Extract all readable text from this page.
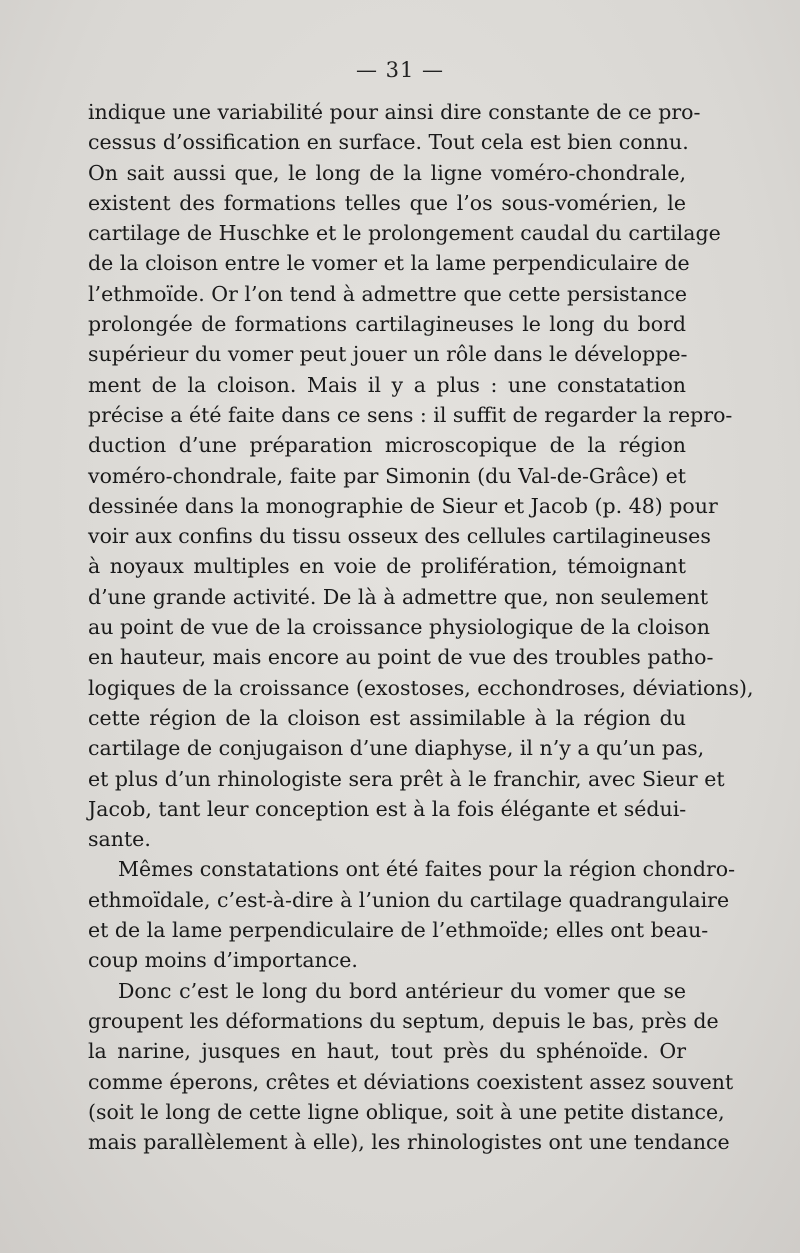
— 31 —
indique une variabilité pour ainsi dire constante de ce pro-
cessus d’ossification en surface. Tout cela est bien connu.
On sait aussi que, le long de la ligne voméro-chondrale,
existent des formations telles que l’os sous-vomérien, le
cartilage de Huschke et le prolongement caudal du cartilage
de la cloison entre le vomer et la lame perpendiculaire de
l’ethmoïde. Or l’on tend à admettre que cette persistance
prolongée de formations cartilagineuses le long du bord
supérieur du vomer peut jouer un rôle dans le développe-
ment de la cloison. Mais il y a plus : une constatation
précise a été faite dans ce sens : il suffit de regarder la repro-
duction d’une préparation microscopique de la région
voméro-chondrale, faite par Simonin (du Val-de-Grâce) et
dessinée dans la monographie de Sieur et Jacob (p. 48) pour
voir aux confins du tissu osseux des cellules cartilagineuses
à noyaux multiples en voie de prolifération, témoignant
d’une grande activité. De là à admettre que, non seulement
au point de vue de la croissance physiologique de la cloison
en hauteur, mais encore au point de vue des troubles patho-
logiques de la croissance (exostoses, ecchondroses, déviations),
cette région de la cloison est assimilable à la région du
cartilage de conjugaison d’une diaphyse, il n’y a qu’un pas,
et plus d’un rhinologiste sera prêt à le franchir, avec Sieur et
Jacob, tant leur conception est à la fois élégante et sédui-
sante.
Mêmes constatations ont été faites pour la région chondro-
ethmoïdale, c’est-à-dire à l’union du cartilage quadrangulaire
et de la lame perpendiculaire de l’ethmoïde; elles ont beau-
coup moins d’importance.
Donc c’est le long du bord antérieur du vomer que se
groupent les déformations du septum, depuis le bas, près de
la narine, jusques en haut, tout près du sphénoïde. Or
comme éperons, crêtes et déviations coexistent assez souvent
(soit le long de cette ligne oblique, soit à une petite distance,
mais parallèlement à elle), les rhinologistes ont une tendance
